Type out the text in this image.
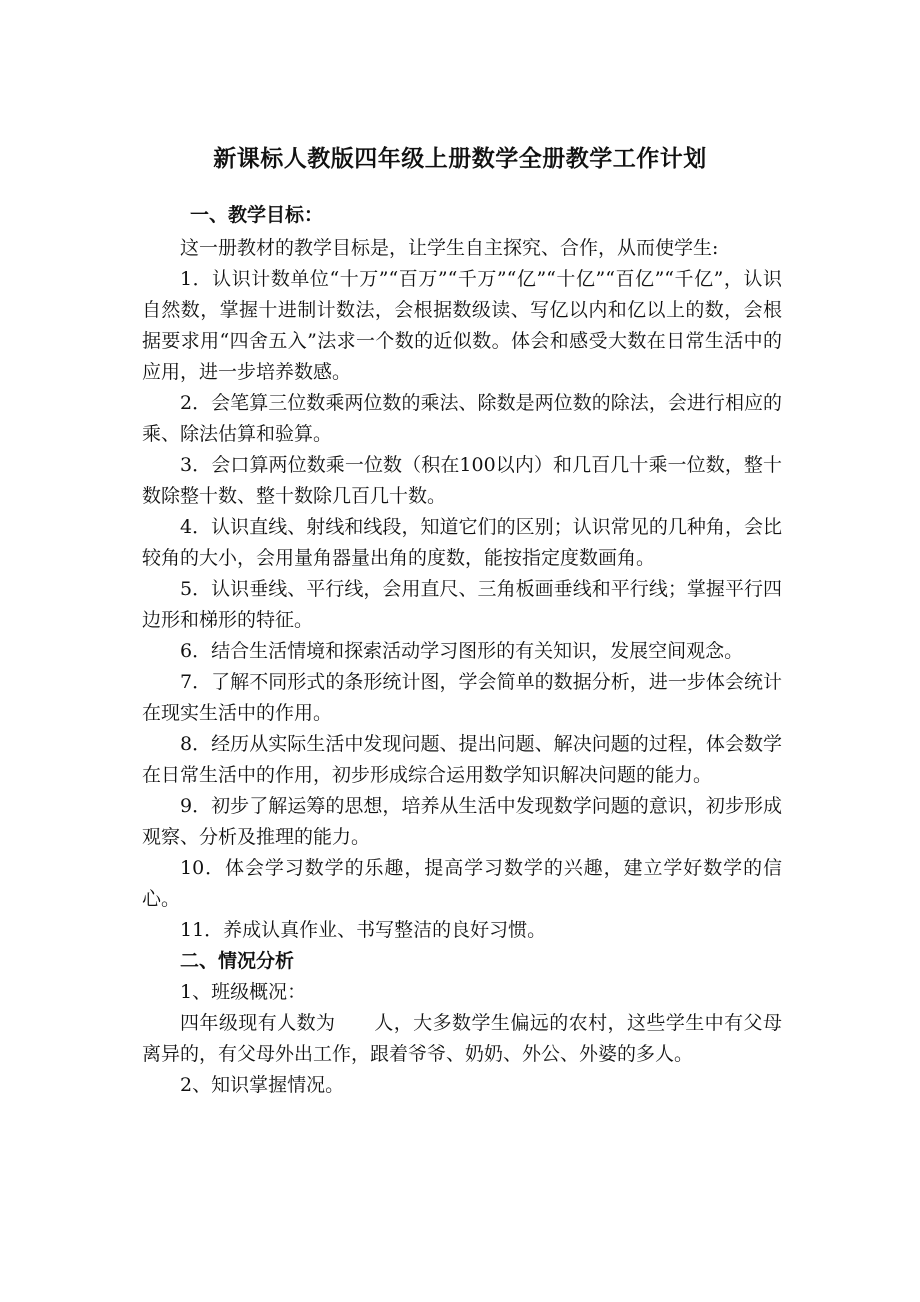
新课标人教版四年级上册数学全册教学工作计划

一、教学目标：

这一册教材的教学目标是，让学生自主探究、合作，从而使学生:

1．认识计数单位“十万”“百万”“千万”“亿”“十亿”“百亿”“千亿”，认识自然数，掌握十进制计数法，会根据数级读、写亿以内和亿以上的数，会根据要求用“四舍五入”法求一个数的近似数。体会和感受大数在日常生活中的应用，进一步培养数感。

2．会笔算三位数乘两位数的乘法、除数是两位数的除法，会进行相应的乘、除法估算和验算。

3．会口算两位数乘一位数（积在100以内）和几百几十乘一位数，整十数除整十数、整十数除几百几十数。

4．认识直线、射线和线段，知道它们的区别；认识常见的几种角，会比较角的大小，会用量角器量出角的度数，能按指定度数画角。

5．认识垂线、平行线，会用直尺、三角板画垂线和平行线；掌握平行四边形和梯形的特征。

6．结合生活情境和探索活动学习图形的有关知识，发展空间观念。

7．了解不同形式的条形统计图，学会简单的数据分析，进一步体会统计在现实生活中的作用。

8．经历从实际生活中发现问题、提出问题、解决问题的过程，体会数学在日常生活中的作用，初步形成综合运用数学知识解决问题的能力。

9．初步了解运筹的思想，培养从生活中发现数学问题的意识，初步形成观察、分析及推理的能力。

10．体会学习数学的乐趣，提高学习数学的兴趣，建立学好数学的信心。

11．养成认真作业、书写整洁的良好习惯。

二、情况分析

1、班级概况：

四年级现有人数为      人，大多数学生偏远的农村，这些学生中有父母离异的，有父母外出工作，跟着爷爷、奶奶、外公、外婆的多人。

2、知识掌握情况。
